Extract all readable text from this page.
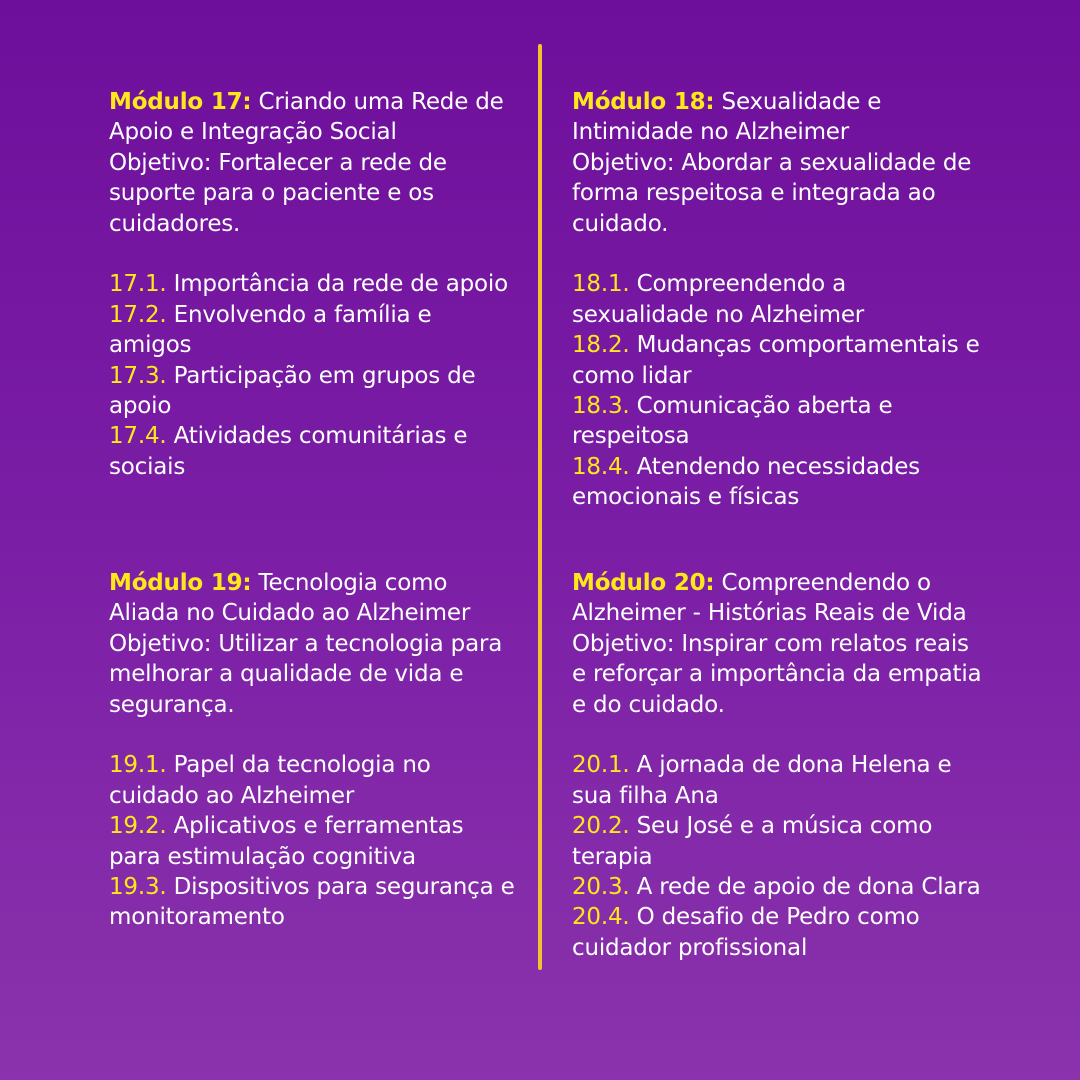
Módulo 17: Criando uma Rede de Apoio e Integração Social
Objetivo: Fortalecer a rede de suporte para o paciente e os cuidadores.
17.1. Importância da rede de apoio
17.2. Envolvendo a família e amigos
17.3. Participação em grupos de apoio
17.4. Atividades comunitárias e sociais
Módulo 18: Sexualidade e Intimidade no Alzheimer
Objetivo: Abordar a sexualidade de forma respeitosa e integrada ao cuidado.
18.1. Compreendendo a sexualidade no Alzheimer
18.2. Mudanças comportamentais e como lidar
18.3. Comunicação aberta e respeitosa
18.4. Atendendo necessidades emocionais e físicas
Módulo 19: Tecnologia como Aliada no Cuidado ao Alzheimer
Objetivo: Utilizar a tecnologia para melhorar a qualidade de vida e segurança.
19.1. Papel da tecnologia no cuidado ao Alzheimer
19.2. Aplicativos e ferramentas para estimulação cognitiva
19.3. Dispositivos para segurança e monitoramento
Módulo 20: Compreendendo o Alzheimer - Histórias Reais de Vida
Objetivo: Inspirar com relatos reais e reforçar a importância da empatia e do cuidado.
20.1. A jornada de dona Helena e sua filha Ana
20.2. Seu José e a música como terapia
20.3. A rede de apoio de dona Clara
20.4. O desafio de Pedro como cuidador profissional
